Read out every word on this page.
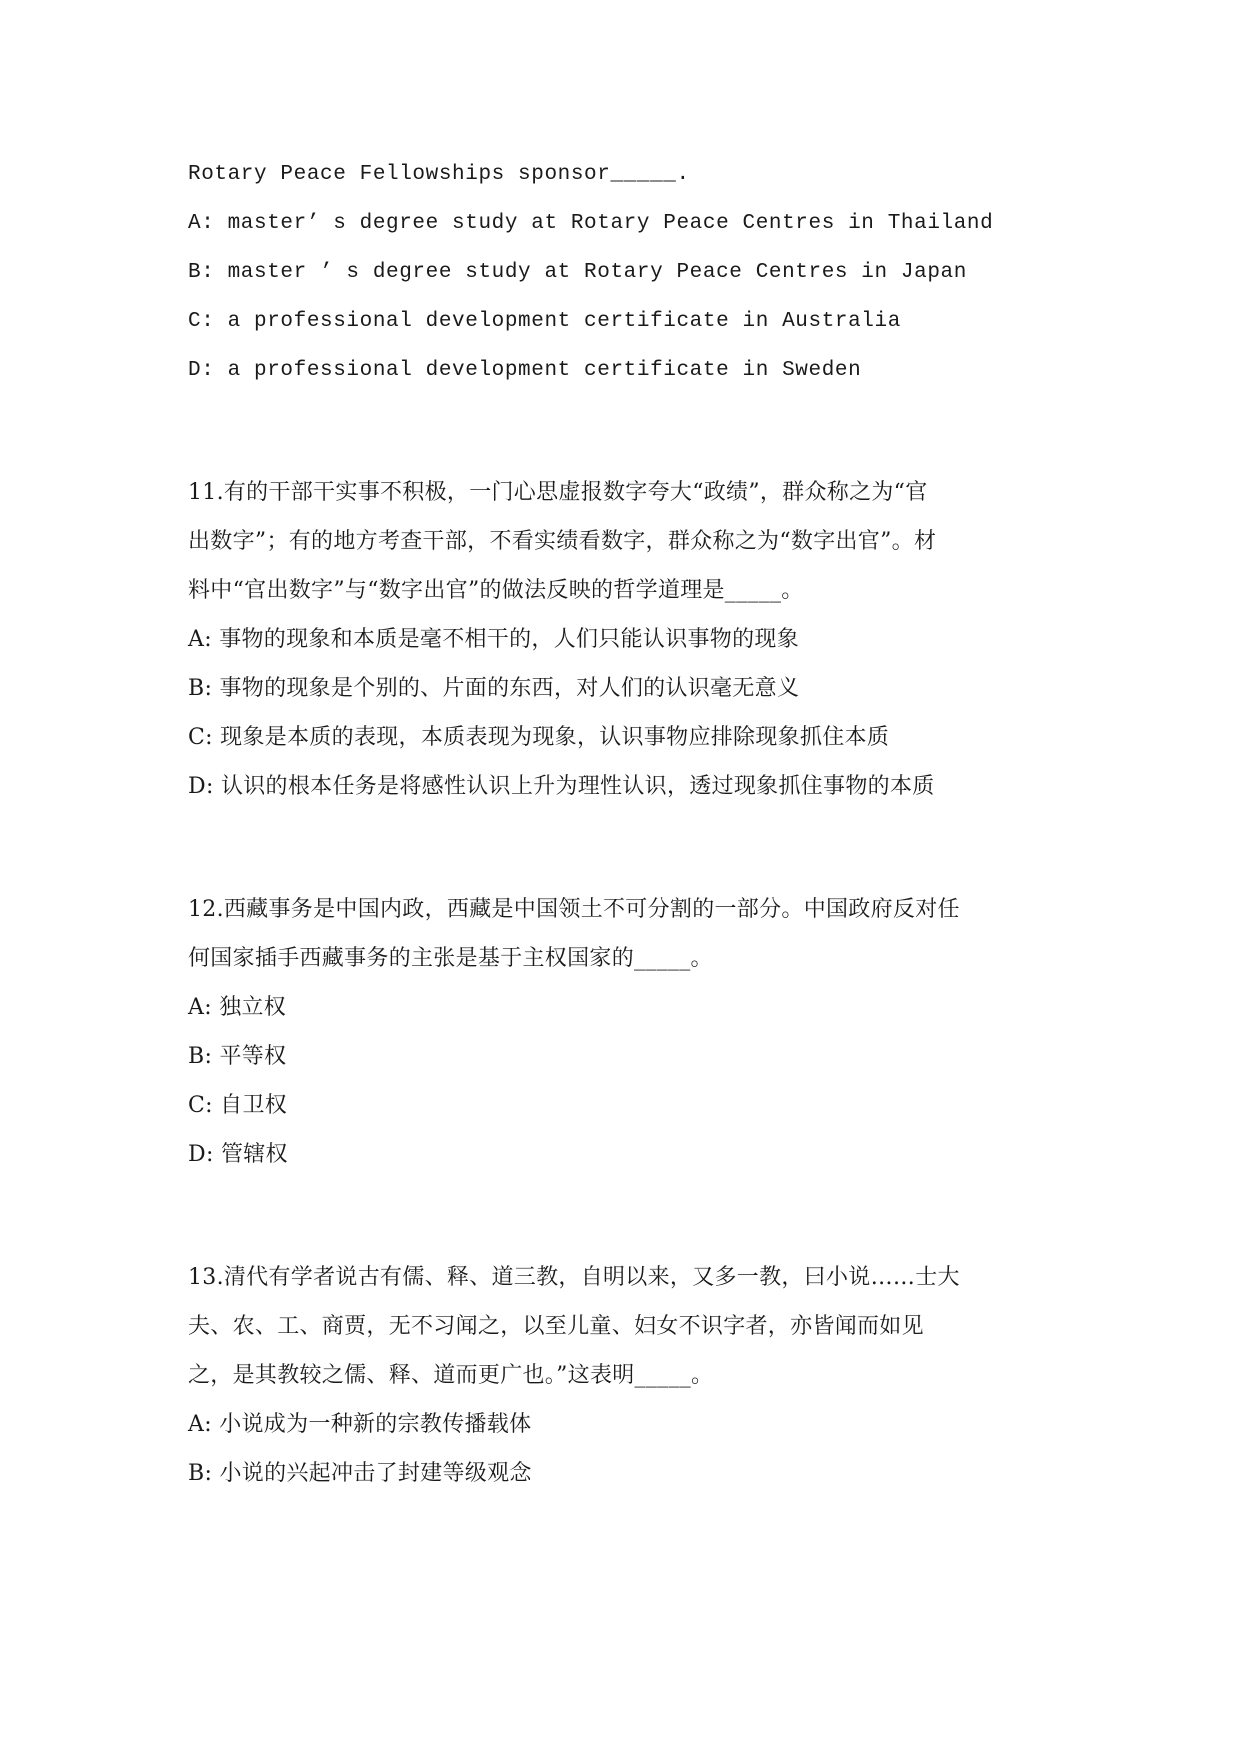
Rotary Peace Fellowships sponsor_____.

A: master’ s degree study at Rotary Peace Centres in Thailand

B: master ’ s degree study at Rotary Peace Centres in Japan

C: a professional development certificate in Australia

D: a professional development certificate in Sweden

11.有的干部干实事不积极，一门心思虚报数字夸大“政绩”，群众称之为“官

出数字”；有的地方考查干部，不看实绩看数字，群众称之为“数字出官”。材

料中“官出数字”与“数字出官”的做法反映的哲学道理是_____。

A: 事物的现象和本质是毫不相干的，人们只能认识事物的现象

B: 事物的现象是个别的、片面的东西，对人们的认识毫无意义

C: 现象是本质的表现，本质表现为现象，认识事物应排除现象抓住本质

D: 认识的根本任务是将感性认识上升为理性认识，透过现象抓住事物的本质

12.西藏事务是中国内政，西藏是中国领土不可分割的一部分。中国政府反对任

何国家插手西藏事务的主张是基于主权国家的_____。

A: 独立权

B: 平等权

C: 自卫权

D: 管辖权

13.清代有学者说古有儒、释、道三教，自明以来，又多一教，曰小说……士大

夫、农、工、商贾，无不习闻之，以至儿童、妇女不识字者，亦皆闻而如见

之，是其教较之儒、释、道而更广也。”这表明_____。

A: 小说成为一种新的宗教传播载体

B: 小说的兴起冲击了封建等级观念
